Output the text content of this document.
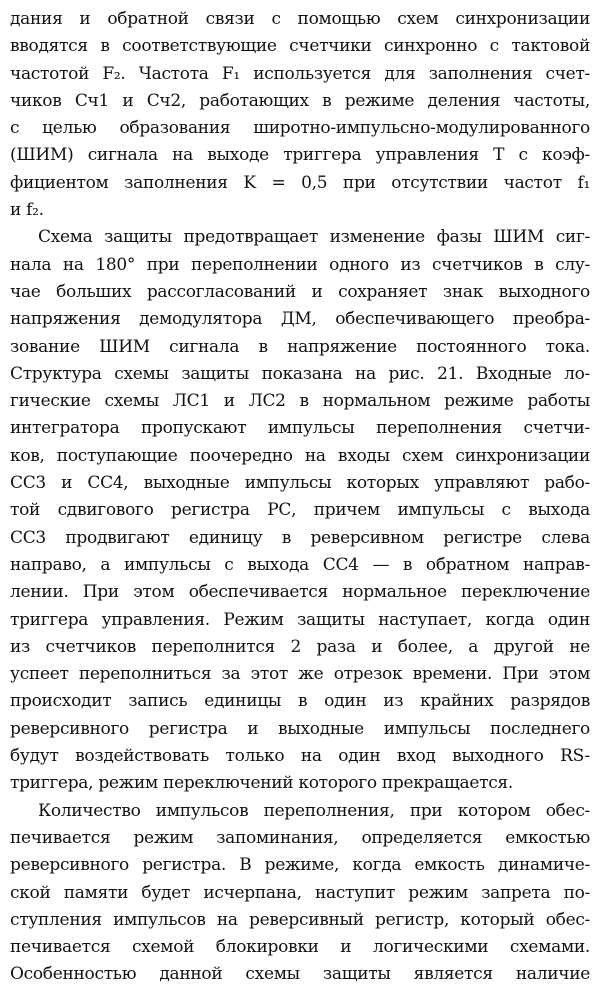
дания и обратной связи с помощью схем синхронизации
вводятся в соответствующие счетчики синхронно с тактовой
частотой F₂. Частота F₁ используется для заполнения счет-
чиков Сч1 и Сч2, работающих в режиме деления частоты,
с целью образования широтно-импульсно-модулированного
(ШИМ) сигнала на выходе триггера управления T с коэф-
фициентом заполнения K = 0,5 при отсутствии частот f₁
и f₂.
Схема защиты предотвращает изменение фазы ШИМ сиг-
нала на 180° при переполнении одного из счетчиков в слу-
чае больших рассогласований и сохраняет знак выходного
напряжения демодулятора ДМ, обеспечивающего преобра-
зование ШИМ сигнала в напряжение постоянного тока.
Структура схемы защиты показана на рис. 21. Входные ло-
гические схемы ЛС1 и ЛС2 в нормальном режиме работы
интегратора пропускают импульсы переполнения счетчи-
ков, поступающие поочередно на входы схем синхронизации
СС3 и СС4, выходные импульсы которых управляют рабо-
той сдвигового регистра РС, причем импульсы с выхода
СС3 продвигают единицу в реверсивном регистре слева
направо, а импульсы с выхода СС4 — в обратном направ-
лении. При этом обеспечивается нормальное переключение
триггера управления. Режим защиты наступает, когда один
из счетчиков переполнится 2 раза и более, а другой не
успеет переполниться за этот же отрезок времени. При этом
происходит запись единицы в один из крайних разрядов
реверсивного регистра и выходные импульсы последнего
будут воздействовать только на один вход выходного RS-
триггера, режим переключений которого прекращается.
Количество импульсов переполнения, при котором обес-
печивается режим запоминания, определяется емкостью
реверсивного регистра. В режиме, когда емкость динамиче-
ской памяти будет исчерпана, наступит режим запрета по-
ступления импульсов на реверсивный регистр, который обес-
печивается схемой блокировки и логическими схемами.
Особенностью данной схемы защиты является наличие
